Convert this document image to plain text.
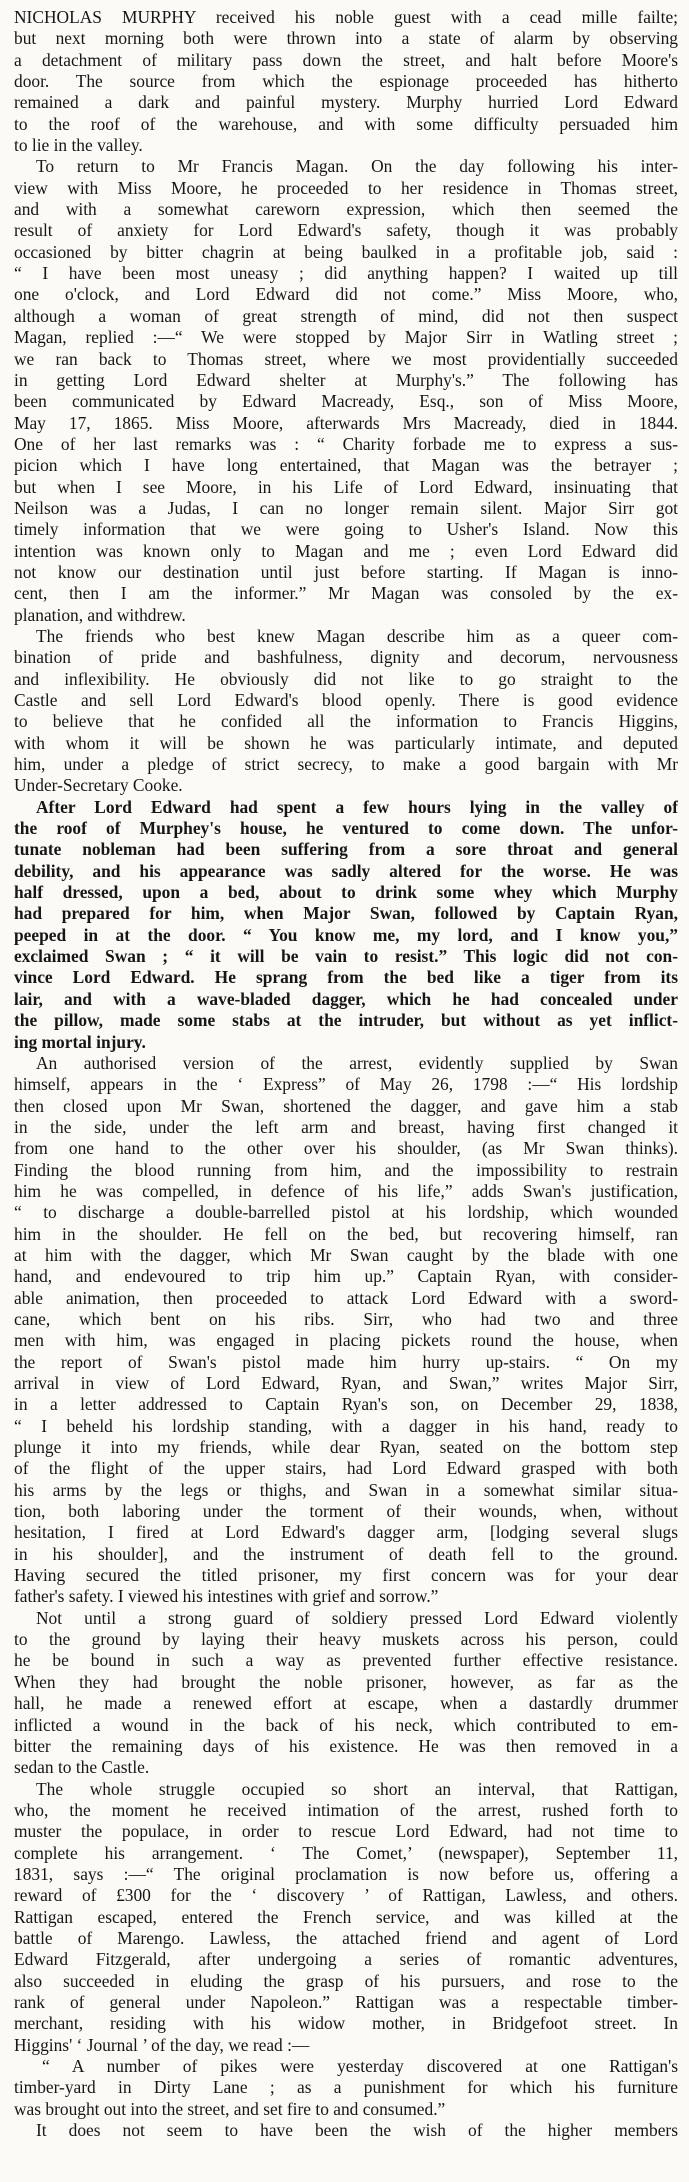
NICHOLAS MURPHY received his noble guest with a cead mille failte;
but next morning both were thrown into a state of alarm by observing
a detachment of military pass down the street, and halt before Moore's
door. The source from which the espionage proceeded has hitherto
remained a dark and painful mystery. Murphy hurried Lord Edward
to the roof of the warehouse, and with some difficulty persuaded him
to lie in the valley.
To return to Mr Francis Magan. On the day following his inter-
view with Miss Moore, he proceeded to her residence in Thomas street,
and with a somewhat careworn expression, which then seemed the
result of anxiety for Lord Edward's safety, though it was probably
occasioned by bitter chagrin at being baulked in a profitable job, said :
“ I have been most uneasy ; did anything happen? I waited up till
one o'clock, and Lord Edward did not come.” Miss Moore, who,
although a woman of great strength of mind, did not then suspect
Magan, replied :—“ We were stopped by Major Sirr in Watling street ;
we ran back to Thomas street, where we most providentially succeeded
in getting Lord Edward shelter at Murphy's.” The following has
been communicated by Edward Macready, Esq., son of Miss Moore,
May 17, 1865. Miss Moore, afterwards Mrs Macready, died in 1844.
One of her last remarks was : “ Charity forbade me to express a sus-
picion which I have long entertained, that Magan was the betrayer ;
but when I see Moore, in his Life of Lord Edward, insinuating that
Neilson was a Judas, I can no longer remain silent. Major Sirr got
timely information that we were going to Usher's Island. Now this
intention was known only to Magan and me ; even Lord Edward did
not know our destination until just before starting. If Magan is inno-
cent, then I am the informer.” Mr Magan was consoled by the ex-
planation, and withdrew.
The friends who best knew Magan describe him as a queer com-
bination of pride and bashfulness, dignity and decorum, nervousness
and inflexibility. He obviously did not like to go straight to the
Castle and sell Lord Edward's blood openly. There is good evidence
to believe that he confided all the information to Francis Higgins,
with whom it will be shown he was particularly intimate, and deputed
him, under a pledge of strict secrecy, to make a good bargain with Mr
Under-Secretary Cooke.
After Lord Edward had spent a few hours lying in the valley of
the roof of Murphey's house, he ventured to come down. The unfor-
tunate nobleman had been suffering from a sore throat and general
debility, and his appearance was sadly altered for the worse. He was
half dressed, upon a bed, about to drink some whey which Murphy
had prepared for him, when Major Swan, followed by Captain Ryan,
peeped in at the door. “ You know me, my lord, and I know you,”
exclaimed Swan ; “ it will be vain to resist.” This logic did not con-
vince Lord Edward. He sprang from the bed like a tiger from its
lair, and with a wave-bladed dagger, which he had concealed under
the pillow, made some stabs at the intruder, but without as yet inflict-
ing mortal injury.
An authorised version of the arrest, evidently supplied by Swan
himself, appears in the ‘ Express” of May 26, 1798 :—“ His lordship
then closed upon Mr Swan, shortened the dagger, and gave him a stab
in the side, under the left arm and breast, having first changed it
from one hand to the other over his shoulder, (as Mr Swan thinks).
Finding the blood running from him, and the impossibility to restrain
him he was compelled, in defence of his life,” adds Swan's justification,
“ to discharge a double-barrelled pistol at his lordship, which wounded
him in the shoulder. He fell on the bed, but recovering himself, ran
at him with the dagger, which Mr Swan caught by the blade with one
hand, and endevoured to trip him up.” Captain Ryan, with consider-
able animation, then proceeded to attack Lord Edward with a sword-
cane, which bent on his ribs. Sirr, who had two and three
men with him, was engaged in placing pickets round the house, when
the report of Swan's pistol made him hurry up-stairs. “ On my
arrival in view of Lord Edward, Ryan, and Swan,” writes Major Sirr,
in a letter addressed to Captain Ryan's son, on December 29, 1838,
“ I beheld his lordship standing, with a dagger in his hand, ready to
plunge it into my friends, while dear Ryan, seated on the bottom step
of the flight of the upper stairs, had Lord Edward grasped with both
his arms by the legs or thighs, and Swan in a somewhat similar situa-
tion, both laboring under the torment of their wounds, when, without
hesitation, I fired at Lord Edward's dagger arm, [lodging several slugs
in his shoulder], and the instrument of death fell to the ground.
Having secured the titled prisoner, my first concern was for your dear
father's safety. I viewed his intestines with grief and sorrow.”
Not until a strong guard of soldiery pressed Lord Edward violently
to the ground by laying their heavy muskets across his person, could
he be bound in such a way as prevented further effective resistance.
When they had brought the noble prisoner, however, as far as the
hall, he made a renewed effort at escape, when a dastardly drummer
inflicted a wound in the back of his neck, which contributed to em-
bitter the remaining days of his existence. He was then removed in a
sedan to the Castle.
The whole struggle occupied so short an interval, that Rattigan,
who, the moment he received intimation of the arrest, rushed forth to
muster the populace, in order to rescue Lord Edward, had not time to
complete his arrangement. ‘ The Comet,’ (newspaper), September 11,
1831, says :—“ The original proclamation is now before us, offering a
reward of £300 for the ‘ discovery ’ of Rattigan, Lawless, and others.
Rattigan escaped, entered the French service, and was killed at the
battle of Marengo. Lawless, the attached friend and agent of Lord
Edward Fitzgerald, after undergoing a series of romantic adventures,
also succeeded in eluding the grasp of his pursuers, and rose to the
rank of general under Napoleon.” Rattigan was a respectable timber-
merchant, residing with his widow mother, in Bridgefoot street. In
Higgins' ‘ Journal ’ of the day, we read :—
“ A number of pikes were yesterday discovered at one Rattigan's
timber-yard in Dirty Lane ; as a punishment for which his furniture
was brought out into the street, and set fire to and consumed.”
It does not seem to have been the wish of the higher members
